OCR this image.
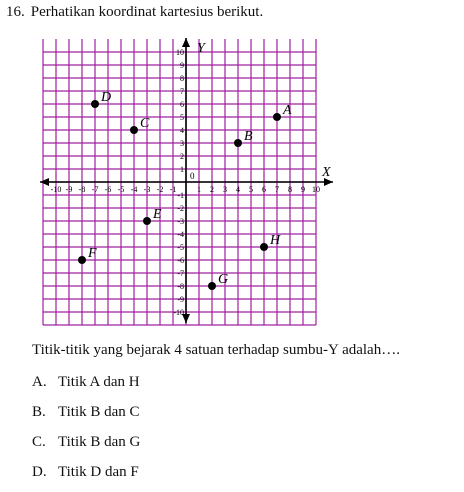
16. Perhatikan koordinat kartesius berikut.
X
Y
0
-10 -9 -8 -7 -6 -5 -4 -3 -2 -1	1 2 3 4 5 6 7 8 9 10
-10
-9
-8
-7
-6
-5
-4
-3
-2
-1
1
2
3
4
5
6
7
8
9
10
A
B
C
D
E
F
G
H
Titik-titik yang bejarak 4 satuan terhadap sumbu-Y adalah….
A. Titik A dan H
B. Titik B dan C
C. Titik B dan G
D. Titik D dan F
